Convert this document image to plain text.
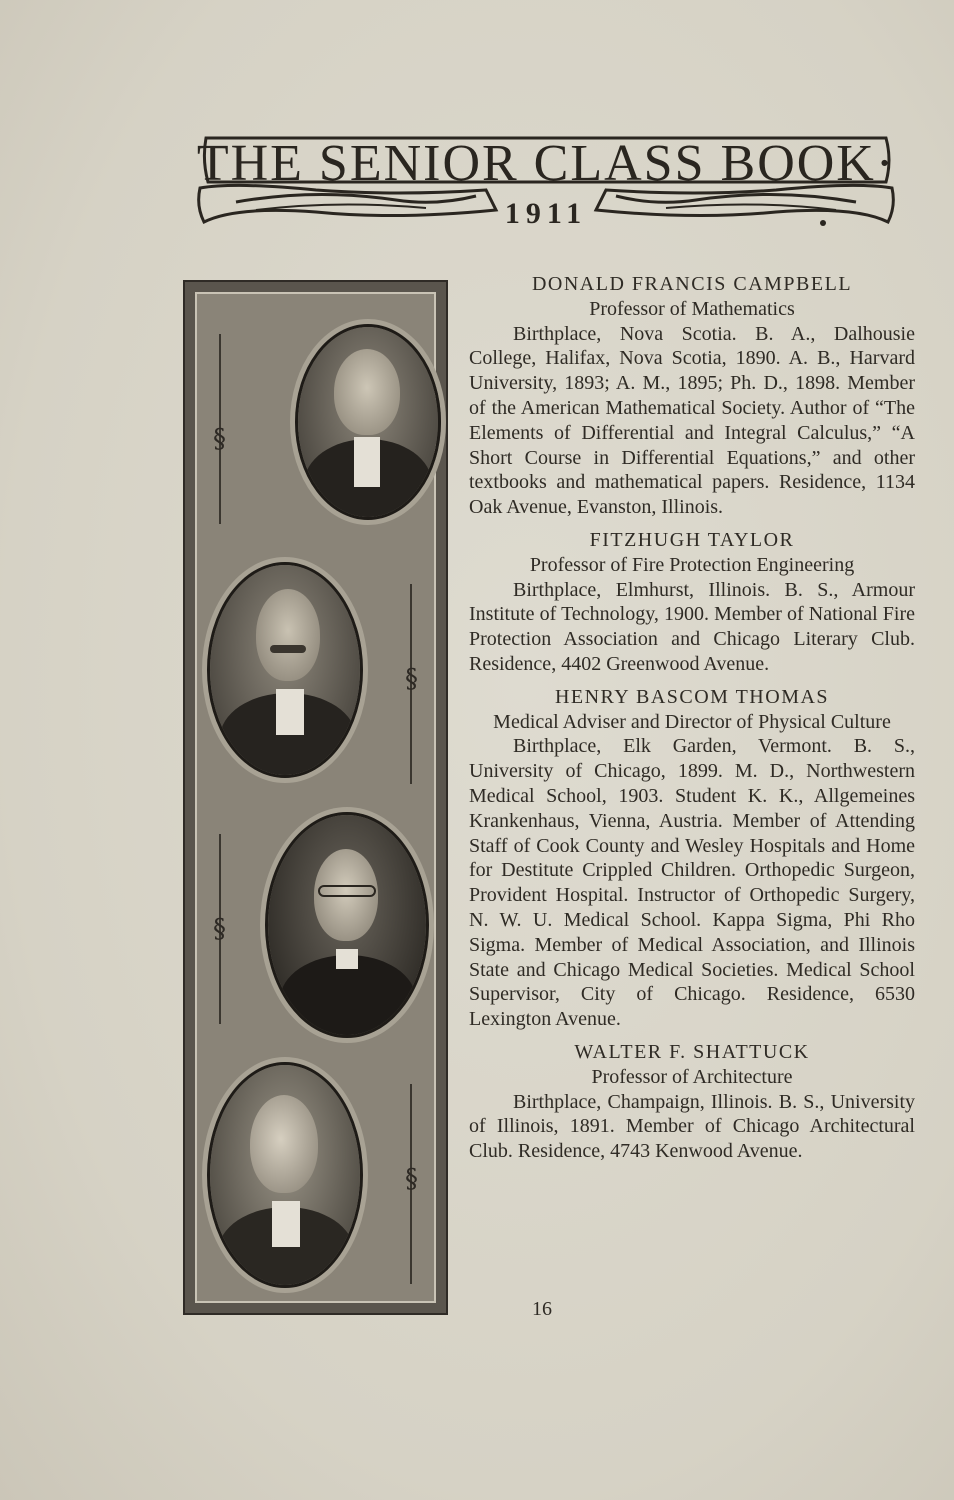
THE SENIOR CLASS BOOK·
1911
§
§
§
§
DONALD FRANCIS CAMPBELL
Professor of Mathematics
Birthplace, Nova Scotia. B. A., Dalhousie College, Halifax, Nova Scotia, 1890. A. B., Harvard University, 1893; A. M., 1895; Ph. D., 1898. Member of the American Mathematical Society. Author of “The Elements of Differential and Integral Calculus,” “A Short Course in Differential Equations,” and other textbooks and mathematical papers. Residence, 1134 Oak Avenue, Evanston, Illinois.
FITZHUGH TAYLOR
Professor of Fire Protection Engineering
Birthplace, Elmhurst, Illinois. B. S., Armour Institute of Technology, 1900. Member of National Fire Protection Association and Chicago Literary Club. Residence, 4402 Greenwood Avenue.
HENRY BASCOM THOMAS
Medical Adviser and Director of Physical Culture
Birthplace, Elk Garden, Vermont. B. S., University of Chicago, 1899. M. D., Northwestern Medical School, 1903. Student K. K., Allgemeines Krankenhaus, Vienna, Austria. Member of Attending Staff of Cook County and Wesley Hospitals and Home for Destitute Crippled Children. Orthopedic Surgeon, Provident Hospital. Instructor of Orthopedic Surgery, N. W. U. Medical School. Kappa Sigma, Phi Rho Sigma. Member of Medical Association, and Illinois State and Chicago Medical Societies. Medical School Supervisor, City of Chicago. Residence, 6530 Lexington Avenue.
WALTER F. SHATTUCK
Professor of Architecture
Birthplace, Champaign, Illinois. B. S., University of Illinois, 1891. Member of Chicago Architectural Club. Residence, 4743 Kenwood Avenue.
16
